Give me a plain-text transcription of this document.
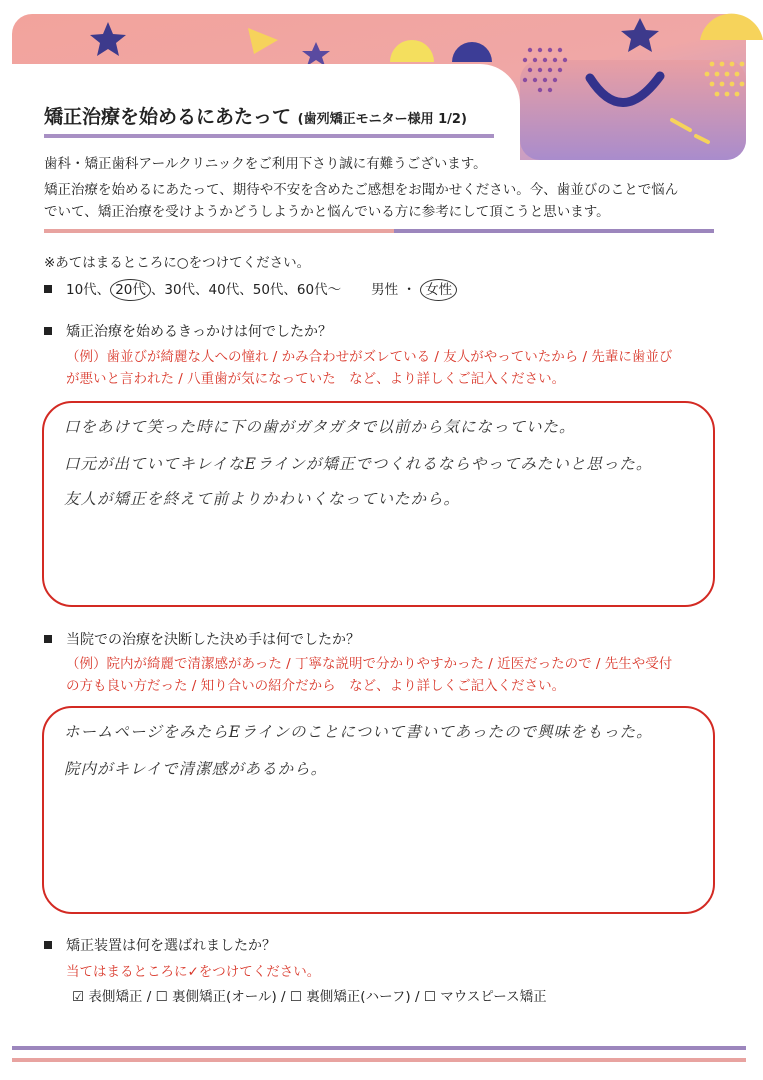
矯正治療を始めるにあたって (歯列矯正モニター様用 1/2)

歯科・矯正歯科アールクリニックをご利用下さり誠に有難うございます。

矯正治療を始めるにあたって、期待や不安を含めたご感想をお聞かせください。今、歯並びのことで悩ん

でいて、矯正治療を受けようかどうしようかと悩んでいる方に参考にして頂こうと思います。

※あてはまるところに○をつけてください。

10代、 20代 、30代、40代、50代、60代～ 男性 ・ 女性

矯正治療を始めるきっかけは何でしたか？

（例）歯並びが綺麗な人への憧れ / かみ合わせがズレている / 友人がやっていたから / 先輩に歯並び

が悪いと言われた / 八重歯が気になっていた　など、より詳しくご記入ください。

口をあけて笑った時に下の歯がガタガタで以前から気になっていた。

口元が出ていてキレイなEラインが矯正でつくれるならやってみたいと思った。

友人が矯正を終えて前よりかわいくなっていたから。

当院での治療を決断した決め手は何でしたか？

（例）院内が綺麗で清潔感があった / 丁寧な説明で分かりやすかった / 近医だったので / 先生や受付

の方も良い方だった / 知り合いの紹介だから　など、より詳しくご記入ください。

ホームページをみたらEラインのことについて書いてあったので興味をもった。

院内がキレイで清潔感があるから。

矯正装置は何を選ばれましたか？

当てはまるところに✓をつけてください。

☑ 表側矯正 / ☐ 裏側矯正(オール) / ☐ 裏側矯正(ハーフ) / ☐ マウスピース矯正
